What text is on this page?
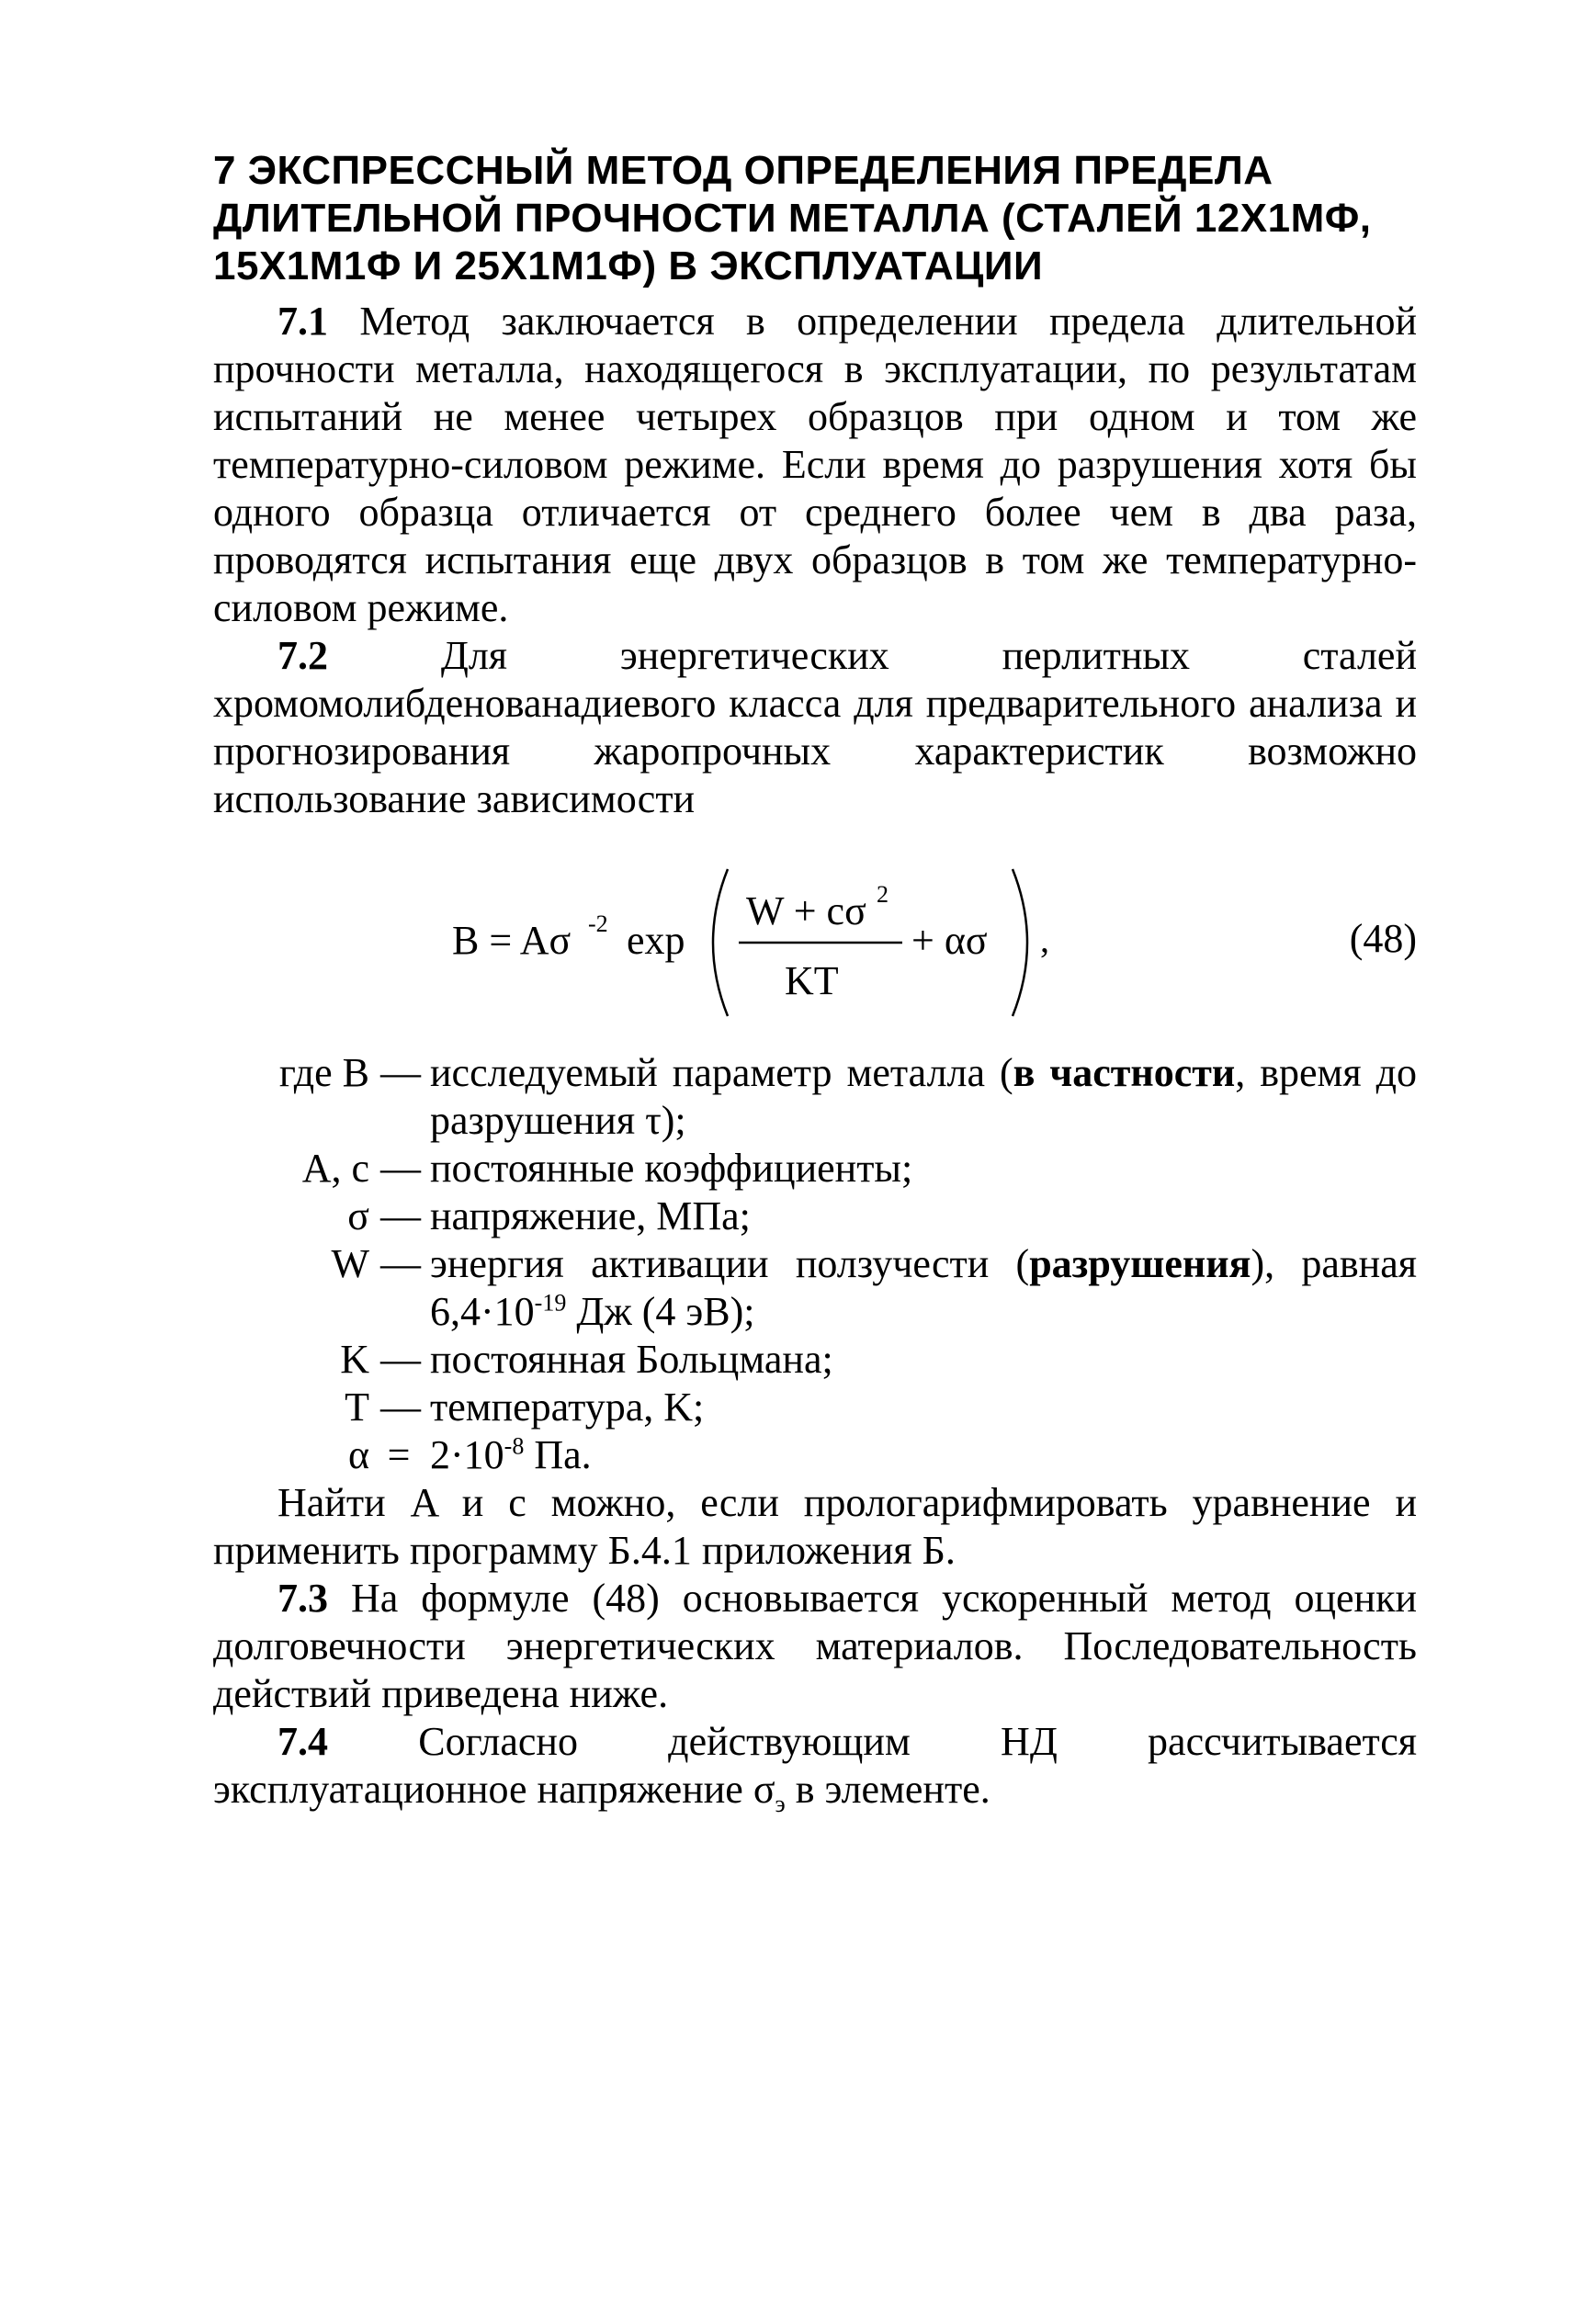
7 ЭКСПРЕССНЫЙ МЕТОД ОПРЕДЕЛЕНИЯ ПРЕДЕЛА
ДЛИТЕЛЬНОЙ ПРОЧНОСТИ МЕТАЛЛА (СТАЛЕЙ 12Х1МФ,
15Х1М1Ф И 25Х1М1Ф) В ЭКСПЛУАТАЦИИ

7.1 Метод заключается в определении предела длительной прочности металла, находящегося в эксплуатации, по результатам испытаний не менее четырех образцов при одном и том же температурно-силовом режиме. Если время до разрушения хотя бы одного образца отличается от среднего более чем в два раза, проводятся испытания еще двух образцов в том же температурно-силовом режиме.

7.2	Для энергетических перлитных сталей хромомолибденованадиевого класса для предварительного анализа и прогнозирования жаропрочных характеристик возможно использование зависимости

B = Aσ -2 exp
W + cσ 2
KT
+ ασ ,	(48)
где B — исследуемый параметр металла (в частности, время до разрушения τ);
A, c — постоянные коэффициенты;
σ — напряжение, МПа;
W — энергия активации ползучести (разрушения), равная $6,4\cdot 10^{-19}$ Дж (4 эВ);
K — постоянная Больцмана;
T — температура, K;
$\alpha = 2\cdot 10^{-8}$ Па.

Найти A и c можно, если прологарифмировать уравнение и применить программу Б.4.1 приложения Б.

7.3 На формуле (48) основывается ускоренный метод оценки долговечности энергетических материалов. Последовательность действий приведена ниже.

7.4 Согласно действующим НД рассчитывается эксплуатационное напряжение $\sigma_э$ в элементе.
